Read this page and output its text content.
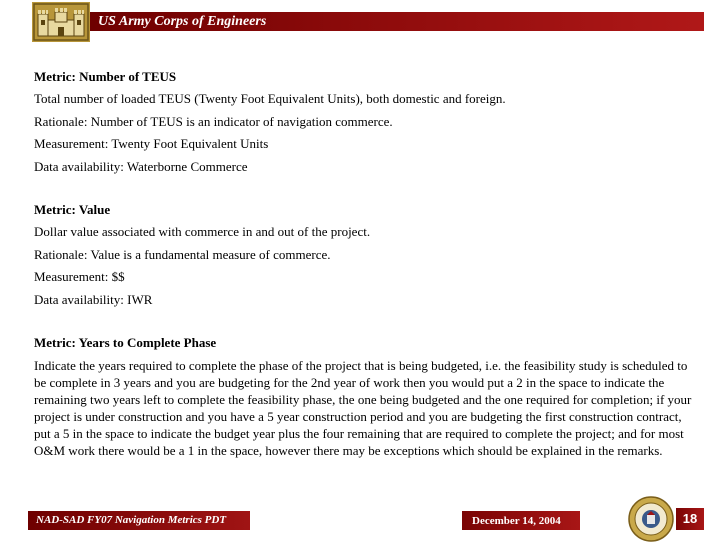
US Army Corps of Engineers
Metric: Number of TEUS
Total number of loaded TEUS (Twenty Foot Equivalent Units), both domestic and foreign.
Rationale: Number of TEUS is an indicator of navigation commerce.
Measurement: Twenty Foot Equivalent Units
Data availability: Waterborne Commerce
Metric: Value
Dollar value associated with commerce in and out of the project.
Rationale: Value is a fundamental measure of commerce.
Measurement: $$
Data availability: IWR
Metric: Years to Complete Phase
Indicate the years required to complete the phase of the project that is being budgeted, i.e. the feasibility study is scheduled to be complete in 3 years and you are budgeting for the 2nd year of work then you would put a 2 in the space to indicate the remaining two years left to complete the feasibility phase, the one being budgeted and the one required for completion; if your project is under construction and you have a 5 year construction period and you are budgeting the first construction contract, put a 5 in the space to indicate the budget year plus the four remaining that are required to complete the project; and for most O&M work there would be a 1 in the space, however there may be exceptions which should be explained in the remarks.
NAD-SAD FY07 Navigation Metrics PDT	December 14, 2004	18
